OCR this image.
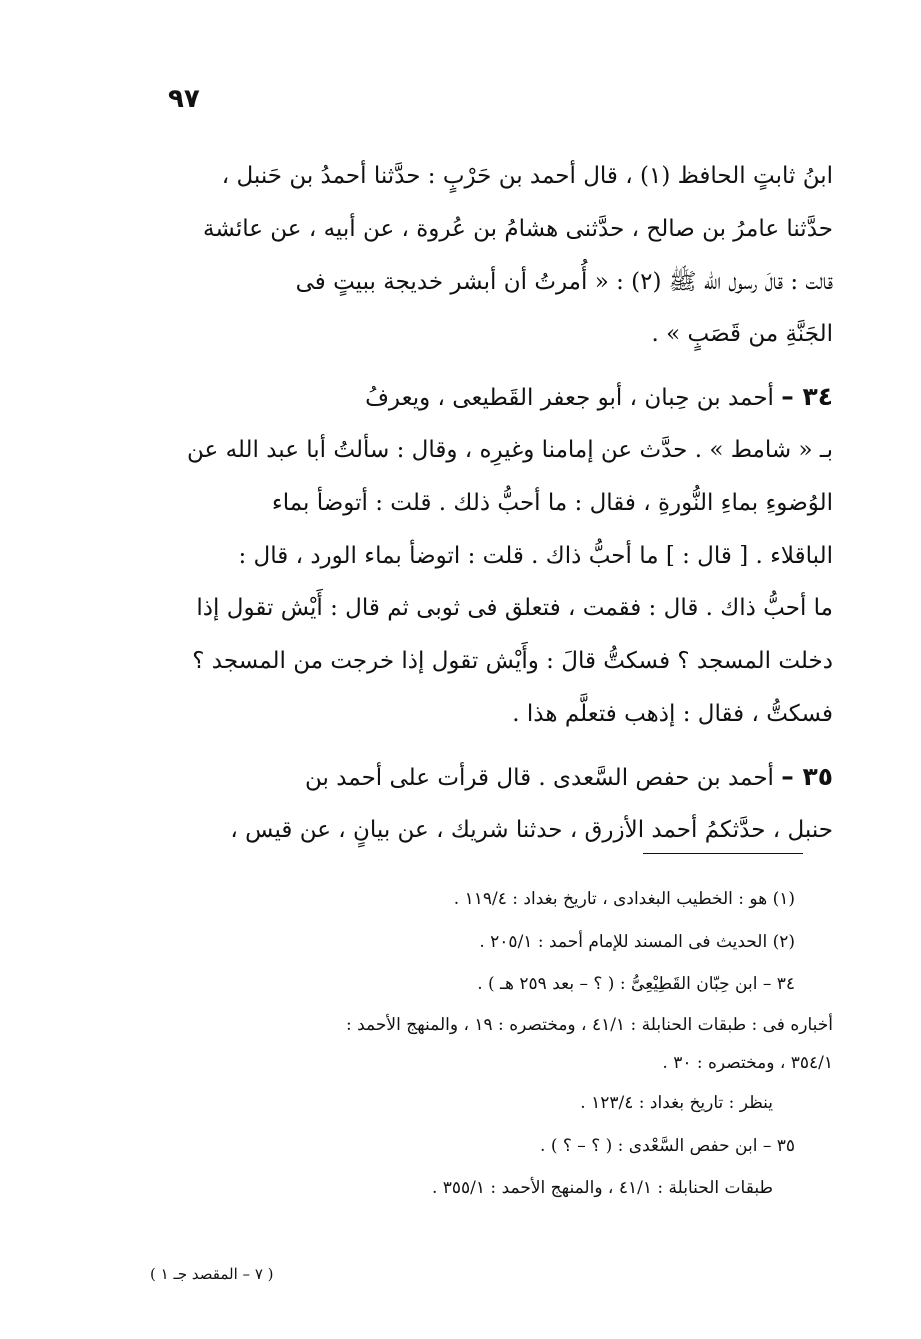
٩٧
ابنُ ثابتٍ الحافظ (١) ، قال أحمد بن حَرْبٍ : حدَّثنا أحمدُ بن حَنبل ،
حدَّثنا عامرُ بن صالح ، حدَّثنى هشامُ بن عُروة ، عن أبيه ، عن عائشة
قالت : قالَ رسول الله ﷺ (٢) : « أُمرتُ أن أبشر خديجة ببيتٍ فى
الجَنَّةِ من قَصَبٍ » .
٣٤ – أحمد بن حِبان ، أبو جعفر القَطيعى ، ويعرفُ
بـ « شامط » . حدَّث عن إمامنا وغيرِه ، وقال : سألتُ أبا عبد الله عن
الوُضوءِ بماءِ النُّورةِ ، فقال : ما أحبُّ ذلك . قلت : أتوضأ بماء
الباقلاء . [ قال : ] ما أحبُّ ذاك . قلت : اتوضأ بماء الورد ، قال :
ما أحبُّ ذاك . قال : فقمت ، فتعلق فى ثوبى ثم قال : أَيْش تقول إذا
دخلت المسجد ؟ فسكتُّ قالَ : وأَيْش تقول إذا خرجت من المسجد ؟
فسكتُّ ، فقال : إذهب فتعلَّم هذا .
٣٥ – أحمد بن حفص السَّعدى . قال قرأت على أحمد بن
حنبل ، حدَّثكمُ أحمد الأزرق ، حدثنا شريك ، عن بيانٍ ، عن قيس ،
(١) هو : الخطيب البغدادى ، تاريخ بغداد : ١١٩/٤ .
(٢) الحديث فى المسند للإمام أحمد : ٢٠٥/١ .
٣٤ – ابن حِبّان القَطِيْعِىُّ : ( ؟ – بعد ٢٥٩ هـ ) .
أخباره فى : طبقات الحنابلة : ٤١/١ ، ومختصره : ١٩ ، والمنهج الأحمد :
٣٥٤/١ ، ومختصره : ٣٠ .
ينظر : تاريخ بغداد : ١٢٣/٤ .
٣٥ – ابن حفص السَّعْدى : ( ؟ – ؟ ) .
طبقات الحنابلة : ٤١/١ ، والمنهج الأحمد : ٣٥٥/١ .
( ٧ – المقصد جـ ١ )
